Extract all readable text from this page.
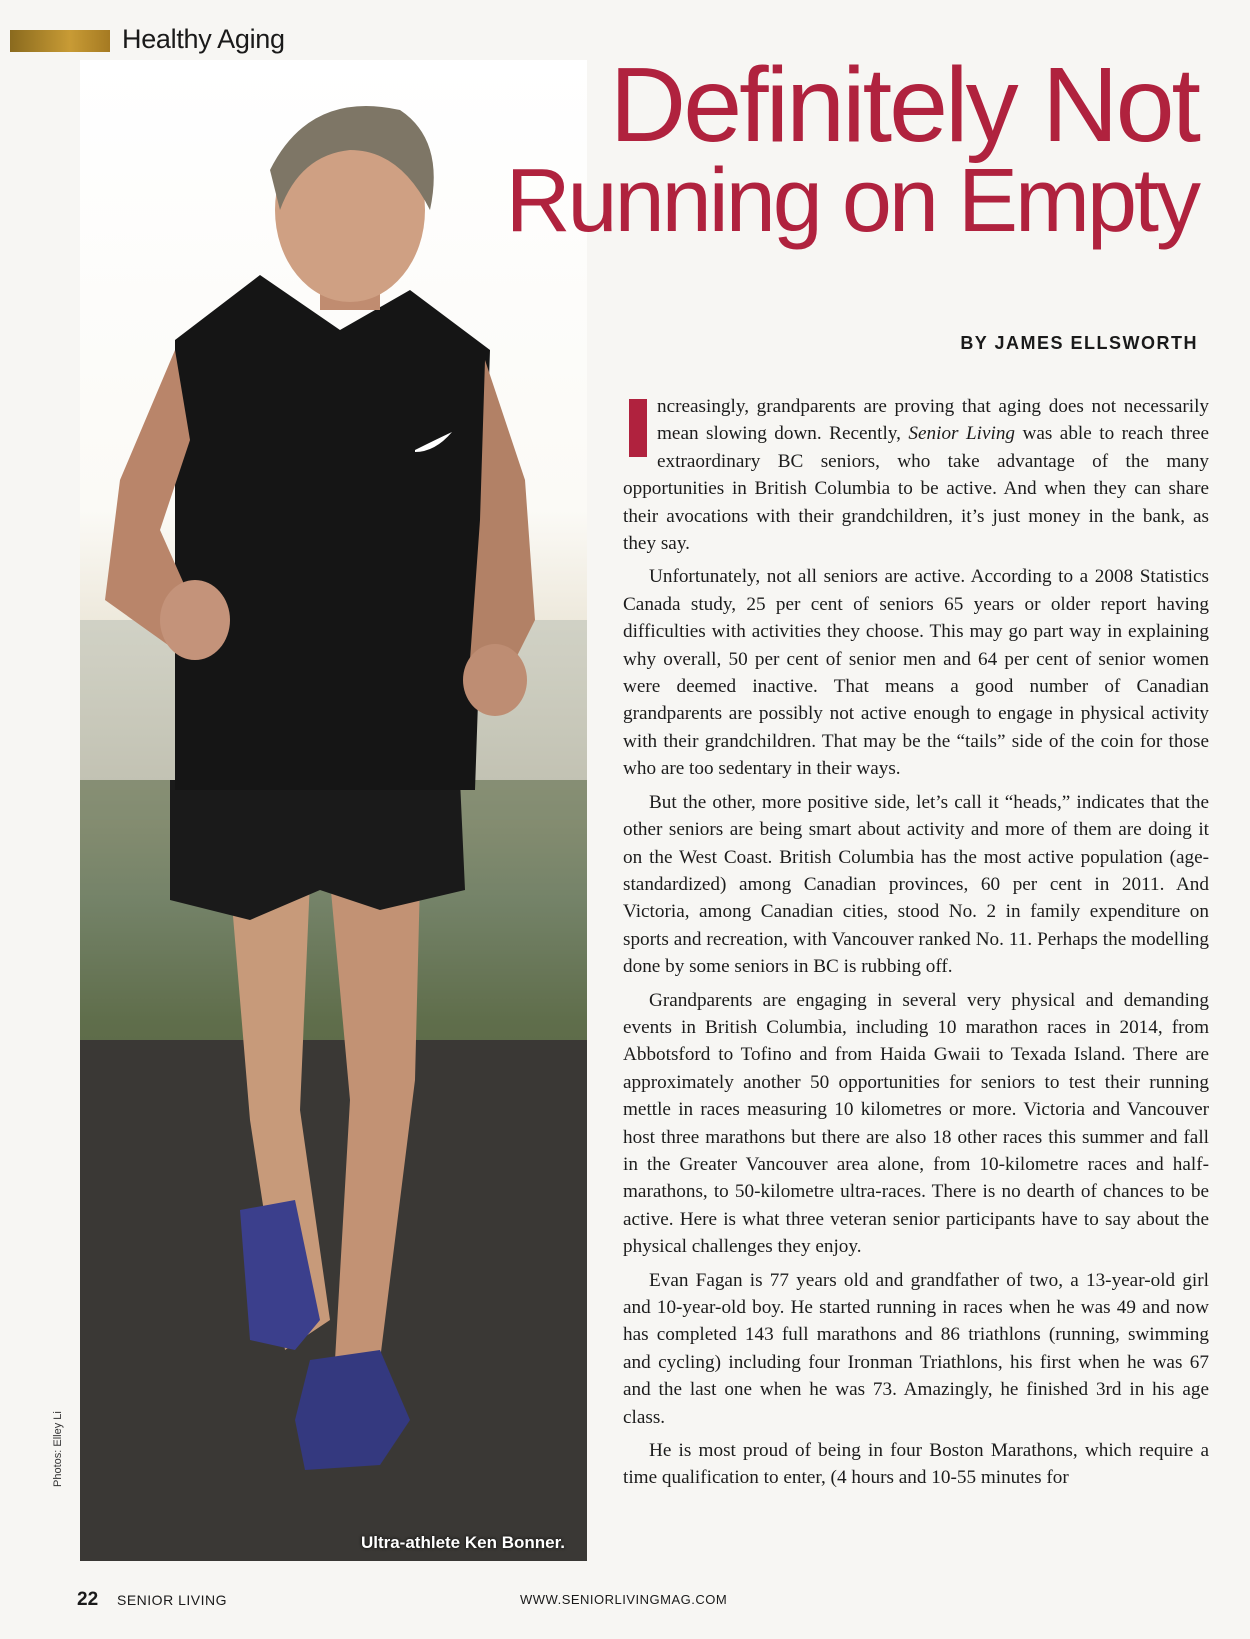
Healthy Aging
Ultra-athlete Ken Bonner.
Photos: Elley Li
Definitely Not
Running on Empty
BY JAMES ELLSWORTH

ncreasingly, grandparents are proving that aging does not necessarily mean slowing down. Recently, Senior Living was able to reach three extraordinary BC seniors, who take advantage of the many opportunities in British Columbia to be active. And when they can share their avocations with their grandchildren, it’s just money in the bank, as they say.

Unfortunately, not all seniors are active. According to a 2008 Statistics Canada study, 25 per cent of seniors 65 years or older report having difficulties with activities they choose. This may go part way in explaining why overall, 50 per cent of senior men and 64 per cent of senior women were deemed inactive. That means a good number of Canadian grandparents are possibly not active enough to engage in physical activity with their grandchildren. That may be the “tails” side of the coin for those who are too sedentary in their ways.

But the other, more positive side, let’s call it “heads,” indicates that the other seniors are being smart about activity and more of them are doing it on the West Coast. British Columbia has the most active population (age-standardized) among Canadian provinces, 60 per cent in 2011. And Victoria, among Canadian cities, stood No. 2 in family expenditure on sports and recreation, with Vancouver ranked No. 11. Perhaps the modelling done by some seniors in BC is rubbing off.

Grandparents are engaging in several very physical and demanding events in British Columbia, including 10 marathon races in 2014, from Abbotsford to Tofino and from Haida Gwaii to Texada Island. There are approximately another 50 opportunities for seniors to test their running mettle in races measuring 10 kilometres or more. Victoria and Vancouver host three marathons but there are also 18 other races this summer and fall in the Greater Vancouver area alone, from 10-kilometre races and half-marathons, to 50-kilometre ultra-races. There is no dearth of chances to be active. Here is what three veteran senior participants have to say about the physical challenges they enjoy.

Evan Fagan is 77 years old and grandfather of two, a 13-year-old girl and 10-year-old boy. He started running in races when he was 49 and now has completed 143 full marathons and 86 triathlons (running, swimming and cycling) including four Ironman Triathlons, his first when he was 67 and the last one when he was 73. Amazingly, he finished 3rd in his age class.

He is most proud of being in four Boston Marathons, which require a time qualification to enter, (4 hours and 10-55 minutes for

22 SENIOR LIVING	WWW.SENIORLIVINGMAG.COM
